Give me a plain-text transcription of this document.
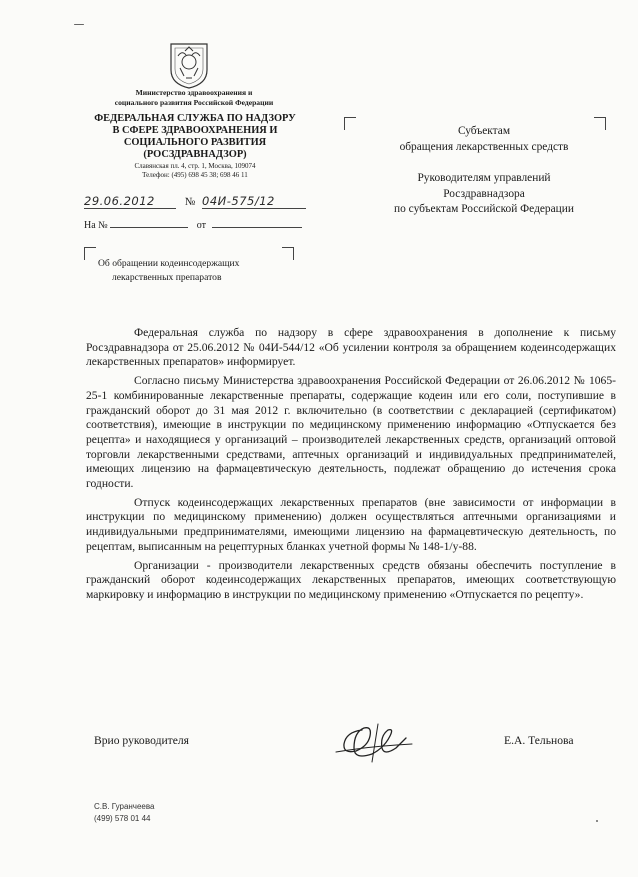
Министерство здравоохранения и
социального развития Российской Федерации
ФЕДЕРАЛЬНАЯ СЛУЖБА ПО НАДЗОРУ
В СФЕРЕ ЗДРАВООХРАНЕНИЯ И
СОЦИАЛЬНОГО РАЗВИТИЯ
(РОСЗДРАВНАДЗОР)
Славянская пл. 4, стр. 1, Москва, 109074
Телефон: (495) 698 45 38; 698 46 11
29.06.2012	№ 04И-575/12
На №	от
Об обращении кодеинсодержащих
лекарственных препаратов
Субъектам
обращения лекарственных средств
Руководителям управлений
Росздравнадзора
по субъектам Российской Федерации

Федеральная служба по надзору в сфере здравоохранения в дополнение к письму Росздравнадзора от 25.06.2012 № 04И-544/12 «Об усилении контроля за обращением кодеинсодержащих лекарственных препаратов» информирует.

Согласно письму Министерства здравоохранения Российской Федерации от 26.06.2012 № 1065-25-1 комбинированные лекарственные препараты, содержащие кодеин или его соли, поступившие в гражданский оборот до 31 мая 2012 г. включительно (в соответствии с декларацией (сертификатом) соответствия), имеющие в инструкции по медицинскому применению информацию «Отпускается без рецепта» и находящиеся у организаций – производителей лекарственных средств, организаций оптовой торговли лекарственными средствами, аптечных организаций и индивидуальных предпринимателей, имеющих лицензию на фармацевтическую деятельность, подлежат обращению до истечения срока годности.

Отпуск кодеинсодержащих лекарственных препаратов (вне зависимости от информации в инструкции по медицинскому применению) должен осуществляться аптечными организациями и индивидуальными предпринимателями, имеющими лицензию на фармацевтическую деятельность, по рецептам, выписанным на рецептурных бланках учетной формы № 148-1/у-88.

Организации - производители лекарственных средств обязаны обеспечить поступление в гражданский оборот кодеинсодержащих лекарственных препаратов, имеющих соответствующую маркировку и информацию в инструкции по медицинскому применению «Отпускается по рецепту».

Врио руководителя	Е.А. Тельнова
С.В. Гуранчеева
(499) 578 01 44
